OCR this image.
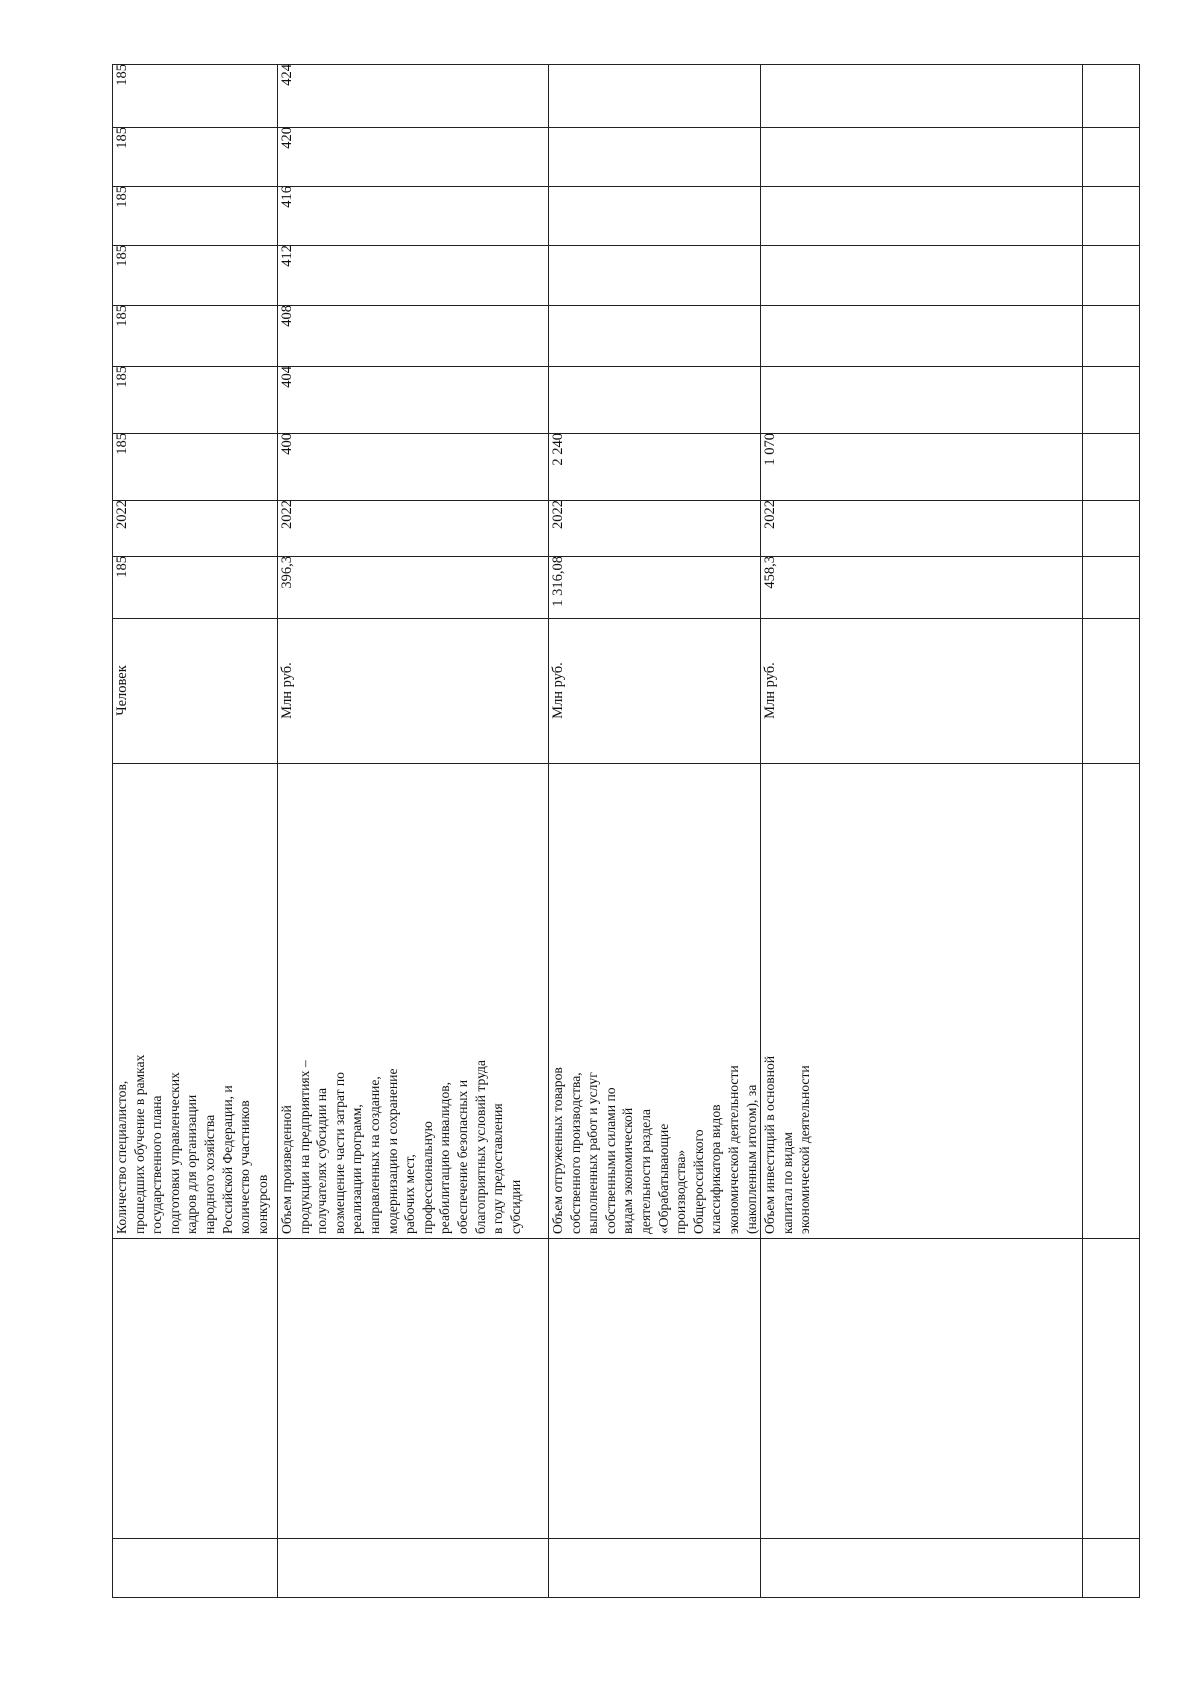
Количество специалистов, прошедших обучение в рамках государственного плана подготовки управленческих кадров для организации народного хозяйства Российской Федерации, и количество участников конкурсов
Человек
185
2022
185
185
185
185
185
185
185
Объем произведенной продукции на предприятиях – получателях субсидии на возмещение части затрат по реализации программ, направленных на создание, модернизацию и сохранение рабочих мест, профессиональную реабилитацию инвалидов, обеспечение безопасных и благоприятных условий труда в году предоставления субсидии
Млн руб.
396,3
2022
400
404
408
412
416
420
424
Объем отгруженных товаров собственного производства, выполненных работ и услуг собственными силами по видам экономической деятельности раздела «Обрабатывающие производства» Общероссийского классификатора видов экономической деятельности (накопленным итогом), за
Млн руб.
1 316,08
2022
2 240
Объем инвестиций в основной капитал по видам экономической деятельности
Млн руб.
458,3
2022
1 070
